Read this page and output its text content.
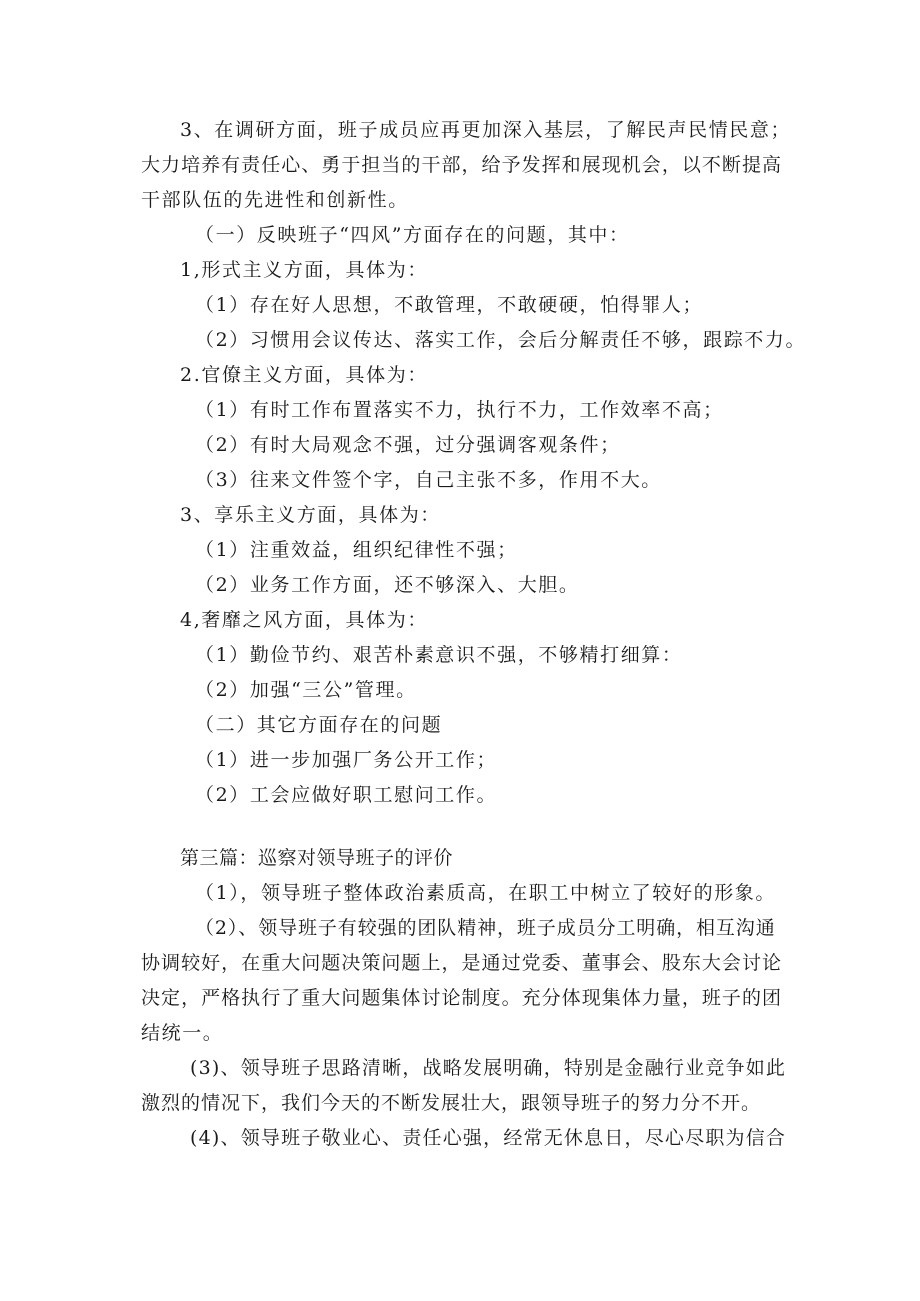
3、在调研方面，班子成员应再更加深入基层，了解民声民情民意；

大力培养有责任心、勇于担当的干部，给予发挥和展现机会，以不断提高

干部队伍的先进性和创新性。

（一）反映班子“四风”方面存在的问题，其中：

1,形式主义方面，具体为：

（1）存在好人思想，不敢管理，不敢硬硬，怕得罪人；

（2）习惯用会议传达、落实工作，会后分解责任不够，跟踪不力。

2.官僚主义方面，具体为：

（1）有时工作布置落实不力，执行不力，工作效率不高；

（2）有时大局观念不强，过分强调客观条件；

（3）往来文件签个字，自己主张不多，作用不大。

3、享乐主义方面，具体为：

（1）注重效益，组织纪律性不强；

（2）业务工作方面，还不够深入、大胆。

4,奢靡之风方面，具体为：

（1）勤俭节约、艰苦朴素意识不强，不够精打细算：

（2）加强“三公”管理。

（二）其它方面存在的问题

（1）进一步加强厂务公开工作；

（2）工会应做好职工慰问工作。

第三篇：巡察对领导班子的评价

（1），领导班子整体政治素质高，在职工中树立了较好的形象。

（2）、领导班子有较强的团队精神，班子成员分工明确，相互沟通

协调较好，在重大问题决策问题上，是通过党委、董事会、股东大会讨论

决定，严格执行了重大问题集体讨论制度。充分体现集体力量，班子的团

结统一。

(3)、领导班子思路清晰，战略发展明确，特别是金融行业竞争如此

激烈的情况下，我们今天的不断发展壮大，跟领导班子的努力分不开。

(4)、领导班子敬业心、责任心强，经常无休息日，尽心尽职为信合
